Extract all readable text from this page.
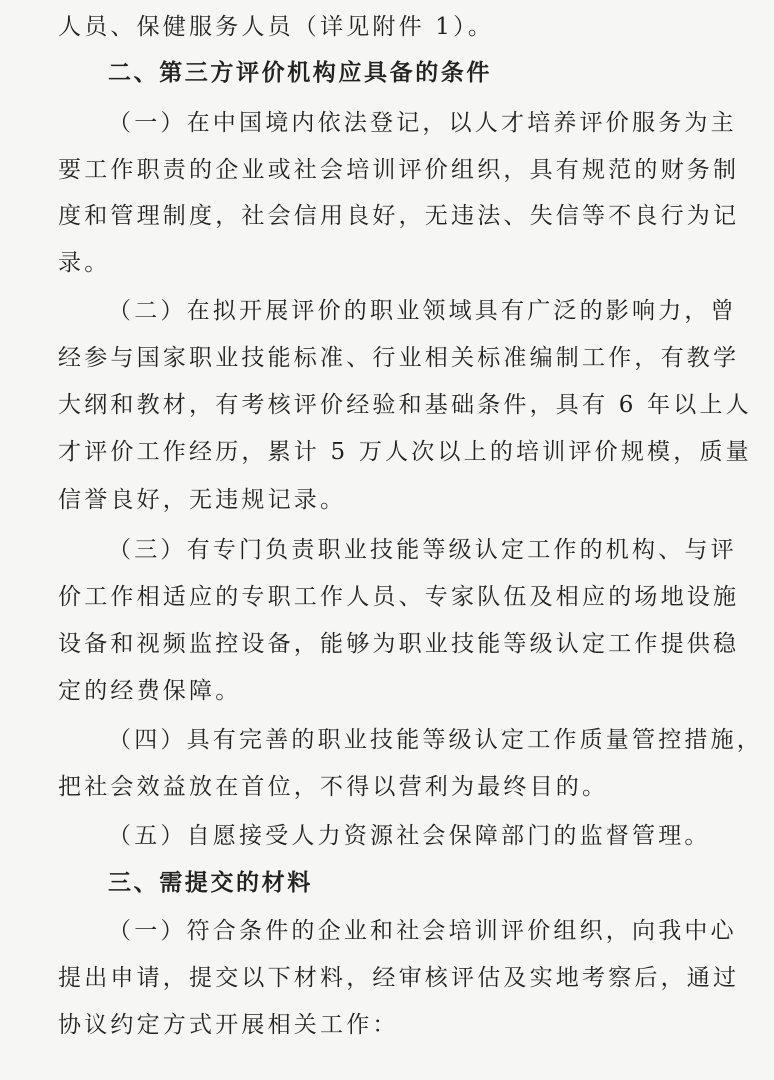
人员、保健服务人员（详见附件 1）。
二、第三方评价机构应具备的条件
（一）在中国境内依法登记，以人才培养评价服务为主
要工作职责的企业或社会培训评价组织，具有规范的财务制
度和管理制度，社会信用良好，无违法、失信等不良行为记
录。
（二）在拟开展评价的职业领域具有广泛的影响力，曾
经参与国家职业技能标准、行业相关标准编制工作，有教学
大纲和教材，有考核评价经验和基础条件，具有 6 年以上人
才评价工作经历，累计 5 万人次以上的培训评价规模，质量
信誉良好，无违规记录。
（三）有专门负责职业技能等级认定工作的机构、与评
价工作相适应的专职工作人员、专家队伍及相应的场地设施
设备和视频监控设备，能够为职业技能等级认定工作提供稳
定的经费保障。
（四）具有完善的职业技能等级认定工作质量管控措施，
把社会效益放在首位，不得以营利为最终目的。
（五）自愿接受人力资源社会保障部门的监督管理。
三、需提交的材料
（一）符合条件的企业和社会培训评价组织，向我中心
提出申请，提交以下材料，经审核评估及实地考察后，通过
协议约定方式开展相关工作：
